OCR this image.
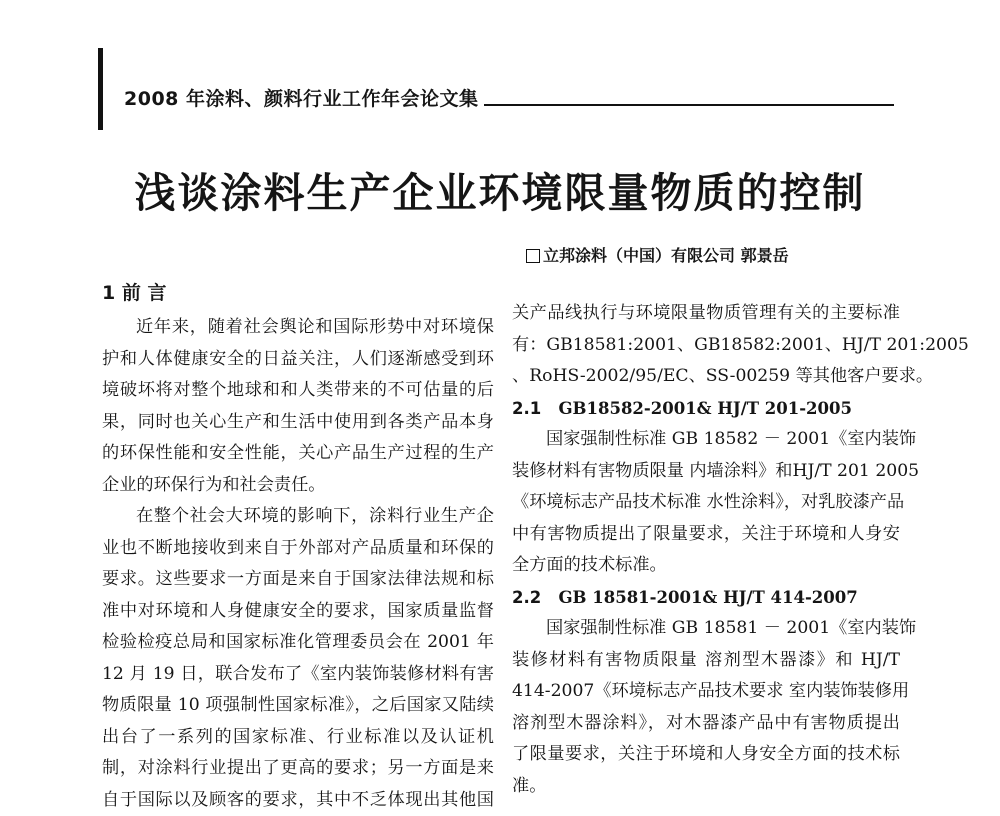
2008 年涂料、颜料行业工作年会论文集
浅谈涂料生产企业环境限量物质的控制
立邦涂料（中国）有限公司 郭景岳
1 前 言
近年来，随着社会舆论和国际形势中对环境保
护和人体健康安全的日益关注，人们逐渐感受到环
境破坏将对整个地球和和人类带来的不可估量的后
果，同时也关心生产和生活中使用到各类产品本身
的环保性能和安全性能，关心产品生产过程的生产
企业的环保行为和社会责任。
在整个社会大环境的影响下，涂料行业生产企
业也不断地接收到来自于外部对产品质量和环保的
要求。这些要求一方面是来自于国家法律法规和标
准中对环境和人身健康安全的要求，国家质量监督
检验检疫总局和国家标准化管理委员会在 2001 年
12 月 19 日，联合发布了《室内装饰装修材料有害
物质限量 10 项强制性国家标准》，之后国家又陆续
出台了一系列的国家标准、行业标准以及认证机
制，对涂料行业提出了更高的要求；另一方面是来
自于国际以及顾客的要求，其中不乏体现出其他国
关产品线执行与环境限量物质管理有关的主要标准
有：GB18581:2001、GB18582:2001、HJ/T 201:2005
、RoHS-2002/95/EC、SS-00259 等其他客户要求。
2.1 GB18582-2001& HJ/T 201-2005
国家强制性标准 GB 18582 － 2001《室内装饰
装修材料有害物质限量 内墙涂料》和HJ/T 201 2005
《环境标志产品技术标准 水性涂料》，对乳胶漆产品
中有害物质提出了限量要求，关注于环境和人身安
全方面的技术标准。
2.2 GB 18581-2001& HJ/T 414-2007
国家强制性标准 GB 18581 － 2001《室内装饰
装修材料有害物质限量 溶剂型木器漆》和 HJ/T
414-2007《环境标志产品技术要求 室内装饰装修用
溶剂型木器涂料》，对木器漆产品中有害物质提出
了限量要求，关注于环境和人身安全方面的技术标
准。
